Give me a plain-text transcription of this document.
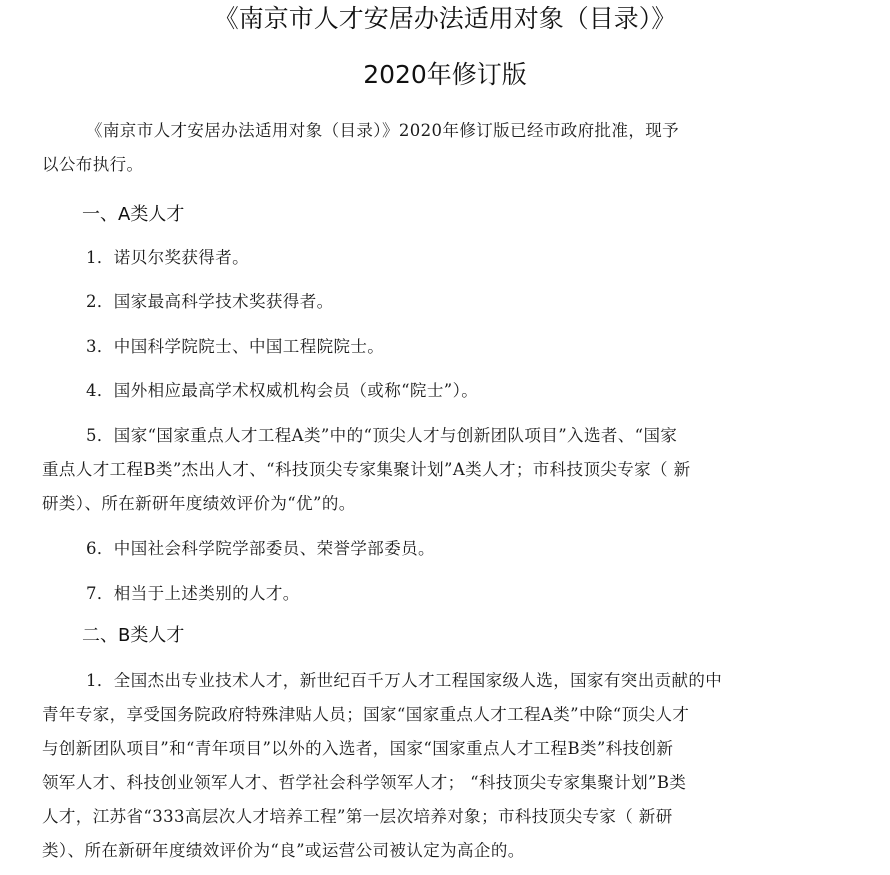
《南京市人才安居办法适用对象（目录）》
2020年修订版
《南京市人才安居办法适用对象（目录）》2020年修订版已经市政府批准，现予
以公布执行。
一、A类人才
1．诺贝尔奖获得者。
2．国家最高科学技术奖获得者。
3．中国科学院院士、中国工程院院士。
4．国外相应最高学术权威机构会员（或称“院士”）。
5．国家“国家重点人才工程A类”中的“顶尖人才与创新团队项目”入选者、“国家
重点人才工程B类”杰出人才、“科技顶尖专家集聚计划”A类人才；市科技顶尖专家（ 新
研类）、所在新研年度绩效评价为“优”的。
6．中国社会科学院学部委员、荣誉学部委员。
7．相当于上述类别的人才。
二、B类人才
1．全国杰出专业技术人才，新世纪百千万人才工程国家级人选，国家有突出贡献的中
青年专家，享受国务院政府特殊津贴人员；国家“国家重点人才工程A类”中除“顶尖人才
与创新团队项目”和“青年项目”以外的入选者，国家“国家重点人才工程B类”科技创新
领军人才、科技创业领军人才、哲学社会科学领军人才； “科技顶尖专家集聚计划”B类
人才，江苏省“333高层次人才培养工程”第一层次培养对象；市科技顶尖专家（ 新研
类）、所在新研年度绩效评价为“良”或运营公司被认定为高企的。
